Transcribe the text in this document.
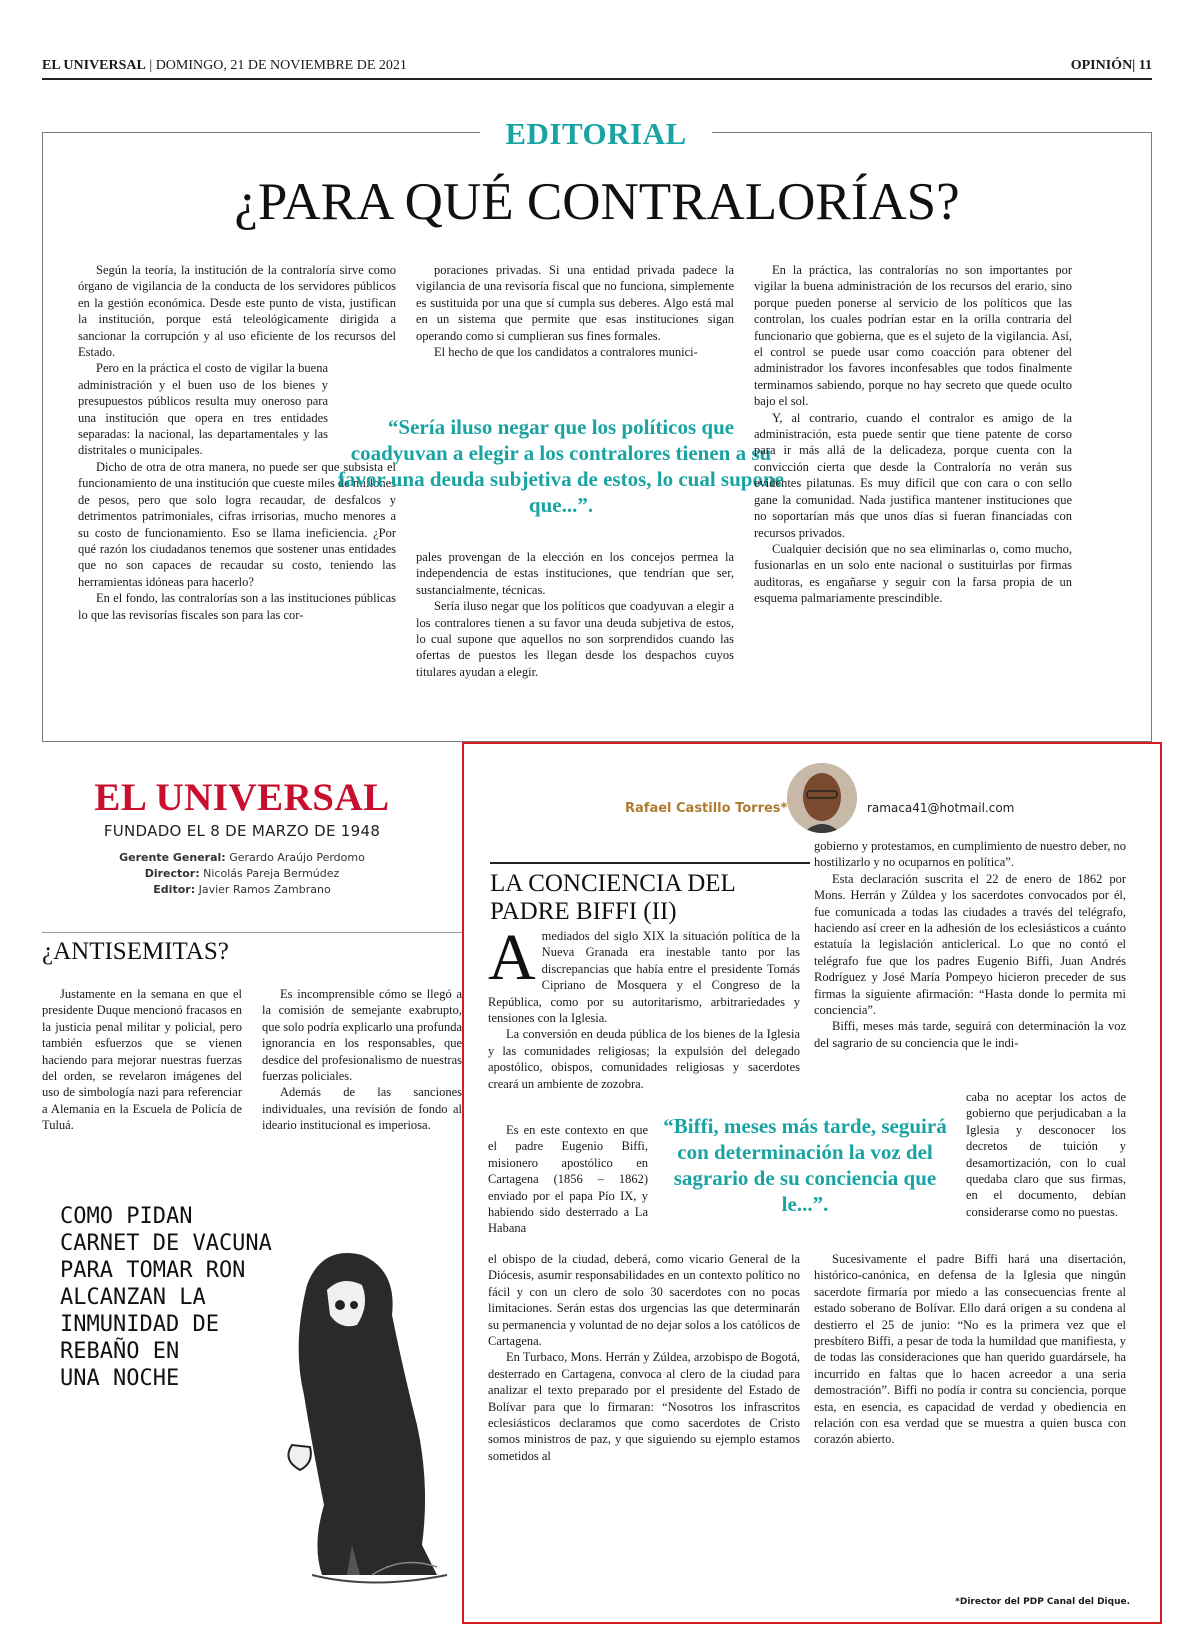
EL UNIVERSAL | DOMINGO, 21 DE NOVIEMBRE DE 2021	OPINIÓN| 11
EDITORIAL
¿PARA QUÉ CONTRALORÍAS?

Según la teoría, la institución de la contraloría sirve como órgano de vigilancia de la conducta de los servidores públicos en la gestión económica. Desde este punto de vista, justifican la institución, porque está teleológicamente dirigida a sancionar la corrupción y al uso eficiente de los recursos del Estado.

Pero en la práctica el costo de vigilar la buena administración y el buen uso de los bienes y presupuestos públicos resulta muy oneroso para una institución que opera en tres entidades separadas: la nacional, las departamentales y las distritales o municipales.

Dicho de otra de otra manera, no puede ser que subsista el funcionamiento de una institución que cueste miles de millones de pesos, pero que solo logra recaudar, de desfalcos y detrimentos patrimoniales, cifras irrisorias, mucho menores a su costo de funcionamiento. Eso se llama ineficiencia. ¿Por qué razón los ciudadanos tenemos que sostener unas entidades que no son capaces de recaudar su costo, teniendo las herramientas idóneas para hacerlo?

En el fondo, las contralorías son a las instituciones públicas lo que las revisorías fiscales son para las cor-

poraciones privadas. Si una entidad privada padece la vigilancia de una revisoría fiscal que no funciona, simplemente es sustituida por una que sí cumpla sus deberes. Algo está mal en un sistema que permite que esas instituciones sigan operando como si cumplieran sus fines formales.

El hecho de que los candidatos a contralores munici-

“Sería iluso negar que los políticos que coadyuvan a elegir a los contralores tienen a su favor una deuda subjetiva de estos, lo cual supone que...”.

pales provengan de la elección en los concejos permea la independencia de estas instituciones, que tendrían que ser, sustancialmente, técnicas.

Sería iluso negar que los políticos que coadyuvan a elegir a los contralores tienen a su favor una deuda subjetiva de estos, lo cual supone que aquellos no son sorprendidos cuando las ofertas de puestos les llegan desde los despachos cuyos titulares ayudan a elegir.

En la práctica, las contralorías no son importantes por vigilar la buena administración de los recursos del erario, sino porque pueden ponerse al servicio de los políticos que las controlan, los cuales podrían estar en la orilla contraria del funcionario que gobierna, que es el sujeto de la vigilancia. Así, el control se puede usar como coacción para obtener del administrador los favores inconfesables que todos finalmente terminamos sabiendo, porque no hay secreto que quede oculto bajo el sol.

Y, al contrario, cuando el contralor es amigo de la administración, esta puede sentir que tiene patente de corso para ir más allá de la delicadeza, porque cuenta con la convicción cierta que desde la Contraloría no verán sus evidentes pilatunas. Es muy difícil que con cara o con sello gane la comunidad. Nada justifica mantener instituciones que no soportarían más que unos días si fueran financiadas con recursos privados.

Cualquier decisión que no sea eliminarlas o, como mucho, fusionarlas en un solo ente nacional o sustituirlas por firmas auditoras, es engañarse y seguir con la farsa propia de un esquema palmariamente prescindible.

EL UNIVERSAL
FUNDADO EL 8 DE MARZO DE 1948
Gerente General: Gerardo Araújo Perdomo
Director: Nicolás Pareja Bermúdez
Editor: Javier Ramos Zambrano
¿ANTISEMITAS?

Justamente en la semana en que el presidente Duque mencionó fracasos en la justicia penal militar y policial, pero también esfuerzos que se vienen haciendo para mejorar nuestras fuerzas del orden, se revelaron imágenes del uso de simbología nazi para referenciar a Alemania en la Escuela de Policía de Tuluá.

Es incomprensible cómo se llegó a la comisión de semejante exabrupto, que solo podría explicarlo una profunda ignorancia en los responsables, que desdice del profesionalismo de nuestras fuerzas policiales.

Además de las sanciones individuales, una revisión de fondo al ideario institucional es imperiosa.

COMO PIDAN
CARNET DE VACUNA
PARA TOMAR RON
ALCANZAN LA
INMUNIDAD DE
REBAÑO EN
UNA NOCHE
Rafael Castillo Torres*	ramaca41@hotmail.com
LA CONCIENCIA DEL
PADRE BIFFI (II)

Amediados del siglo XIX la situación política de la Nueva Granada era inestable tanto por las discrepancias que había entre el presidente Tomás Cipriano de Mosquera y el Congreso de la República, como por su autoritarismo, arbitrariedades y tensiones con la Iglesia.

La conversión en deuda pública de los bienes de la Iglesia y las comunidades religiosas; la expulsión del delegado apostólico, obispos, comunidades religiosas y sacerdotes creará un ambiente de zozobra.

Es en este contexto en que el padre Eugenio Biffi, misionero apostólico en Cartagena (1856 – 1862) enviado por el papa Pío IX, y habiendo sido desterrado a La Habana

el obispo de la ciudad, deberá, como vicario General de la Diócesis, asumir responsabilidades en un contexto político no fácil y con un clero de solo 30 sacerdotes con no pocas limitaciones. Serán estas dos urgencias las que determinarán su permanencia y voluntad de no dejar solos a los católicos de Cartagena.

En Turbaco, Mons. Herrán y Zúldea, arzobispo de Bogotá, desterrado en Cartagena, convoca al clero de la ciudad para analizar el texto preparado por el presidente del Estado de Bolívar para que lo firmaran: “Nosotros los infrascritos eclesiásticos declaramos que como sacerdotes de Cristo somos ministros de paz, y que siguiendo su ejemplo estamos sometidos al

gobierno y protestamos, en cumplimiento de nuestro deber, no hostilizarlo y no ocuparnos en política”.

Esta declaración suscrita el 22 de enero de 1862 por Mons. Herrán y Zúldea y los sacerdotes convocados por él, fue comunicada a todas las ciudades a través del telégrafo, haciendo así creer en la adhesión de los eclesiásticos a cuánto estatuía la legislación anticlerical. Lo que no contó el telégrafo fue que los padres Eugenio Biffi, Juan Andrés Rodríguez y José María Pompeyo hicieron preceder de sus firmas la siguiente afirmación: “Hasta donde lo permita mi conciencia”.

Biffi, meses más tarde, seguirá con determinación la voz del sagrario de su conciencia que le indi-

caba no aceptar los actos de gobierno que perjudicaban a la Iglesia y desconocer los decretos de tuición y desamortización, con lo cual quedaba claro que sus firmas, en el documento, debían considerarse como no puestas.

“Biffi, meses más tarde, seguirá con determinación la voz del sagrario de su conciencia que le...”.

Sucesivamente el padre Biffi hará una disertación, histórico-canónica, en defensa de la Iglesia que ningún sacerdote firmaría por miedo a las consecuencias frente al estado soberano de Bolívar. Ello dará origen a su condena al destierro el 25 de junio: “No es la primera vez que el presbítero Biffi, a pesar de toda la humildad que manifiesta, y de todas las consideraciones que han querido guardársele, ha incurrido en faltas que lo hacen acreedor a una seria demostración”. Biffi no podía ir contra su conciencia, porque esta, en esencia, es capacidad de verdad y obediencia en relación con esa verdad que se muestra a quien busca con corazón abierto.

*Director del PDP Canal del Dique.
